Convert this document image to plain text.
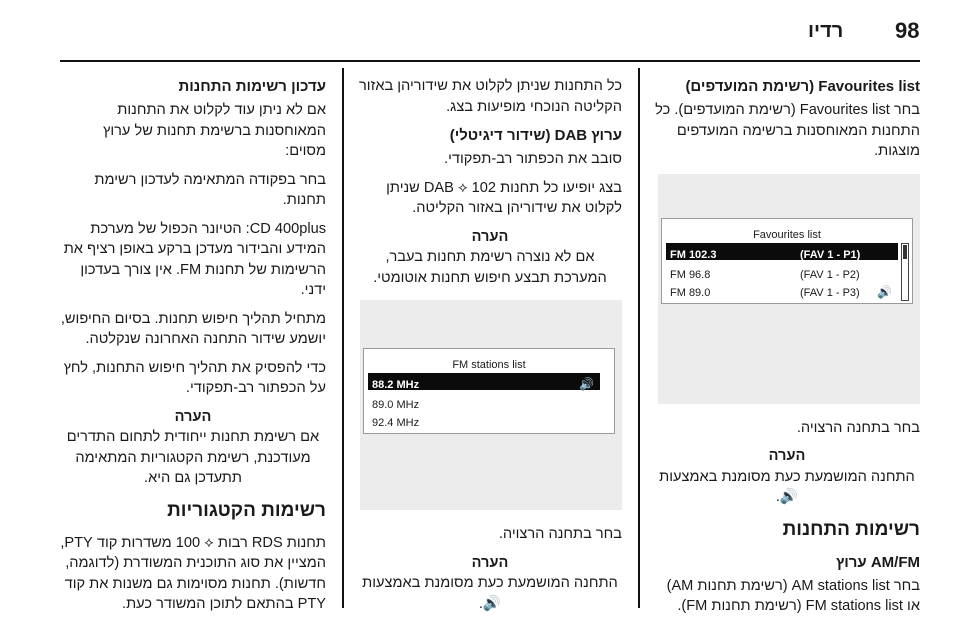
98
רדיו
Favourites list (רשימת המועדפים)

בחר Favourites list (רשימת המועדפים). כל התחנות המאוחסנות ברשימה המועדפים מוצגות.

Favourites list
FM 102.3	(FAV 1 - P1)
FM 96.8	(FAV 1 - P2)
FM 89.0	(FAV 1 - P3) 🔊

בחר בתחנה הרצויה.

הערה
התחנה המושמעת כעת מסומנת באמצעות 🔊.
רשימות התחנות
AM/FM ערוץ

בחר AM stations list (רשימת תחנות AM) או FM stations list (רשימת תחנות FM).

כל התחנות שניתן לקלוט את שידוריהן באזור הקליטה הנוכחי מופיעות בצג.

ערוץ DAB (שידור דיגיטלי)

סובב את הכפתור רב-תפקודי.

בצג יופיעו כל תחנות DAB ⟡ 102 שניתן לקלוט את שידוריהן באזור הקליטה.

הערה
אם לא נוצרה רשימת תחנות בעבר, המערכת תבצע חיפוש תחנות אוטומטי.
FM stations list
88.2 MHz	🔊
89.0 MHz
92.4 MHz

בחר בתחנה הרצויה.

הערה
התחנה המושמעת כעת מסומנת באמצעות 🔊.
עדכון רשימות התחנות

אם לא ניתן עוד לקלוט את התחנות המאוחסנות ברשימת תחנות של ערוץ מסוים:

בחר בפקודה המתאימה לעדכון רשימת תחנות.

CD 400plus: הטיונר הכפול של מערכת המידע והבידור מעדכן ברקע באופן רציף את הרשימות של תחנות FM. אין צורך בעדכון ידני.

מתחיל תהליך חיפוש תחנות. בסיום החיפוש, יושמע שידור התחנה האחרונה שנקלטה.

כדי להפסיק את תהליך חיפוש התחנות, לחץ על הכפתור רב-תפקודי.

הערה
אם רשימת תחנות ייחודית לתחום התדרים מעודכנת, רשימת הקטגוריות המתאימה תתעדכן גם היא.
רשימות הקטגוריות

תחנות RDS רבות ⟡ 100 משדרות קוד PTY, המציין את סוג התוכנית המשודרת (לדוגמה, חדשות). תחנות מסוימות גם משנות את קוד PTY בהתאם לתוכן המשודר כעת.
